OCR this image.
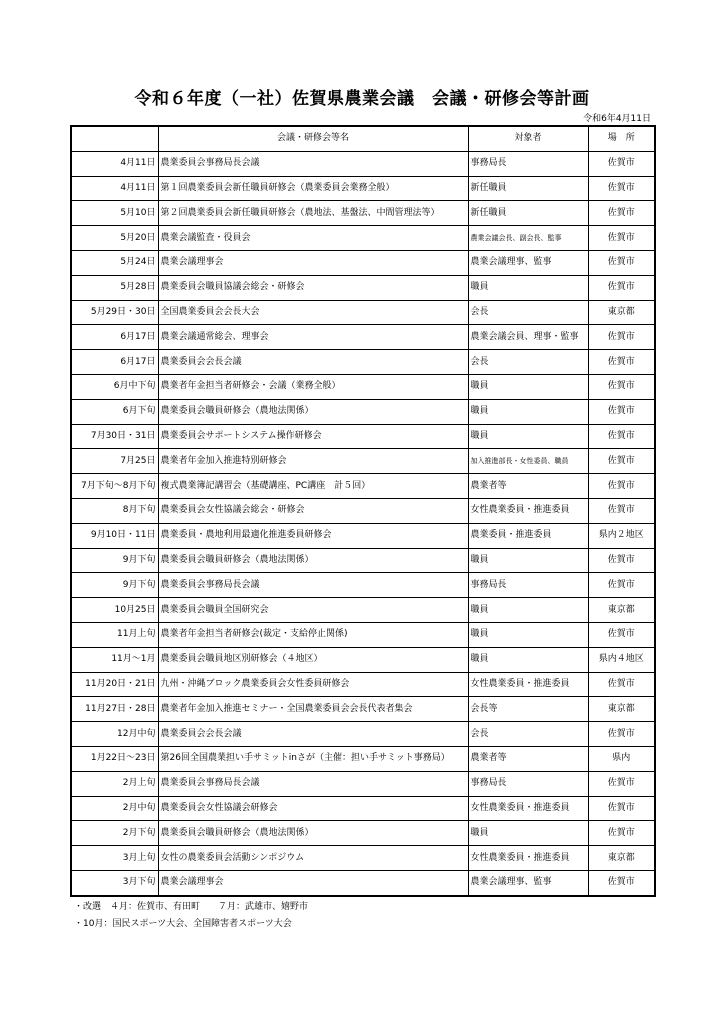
令和６年度（一社）佐賀県農業会議　会議・研修会等計画
令和6年4月11日
	会議・研修会等名	対象者	場　所
4月11日	農業委員会事務局長会議	事務局長	佐賀市
4月11日	第１回農業委員会新任職員研修会（農業委員会業務全般）	新任職員	佐賀市
5月10日	第２回農業委員会新任職員研修会（農地法、基盤法、中間管理法等）	新任職員	佐賀市
5月20日	農業会議監査・役員会	農業会議会長、副会長、監事	佐賀市
5月24日	農業会議理事会	農業会議理事、監事	佐賀市
5月28日	農業委員会職員協議会総会・研修会	職員	佐賀市
5月29日・30日	全国農業委員会会長大会	会長	東京都
6月17日	農業会議通常総会、理事会	農業会議会員、理事・監事	佐賀市
6月17日	農業委員会会長会議	会長	佐賀市
6月中下旬	農業者年金担当者研修会・会議（業務全般）	職員	佐賀市
6月下旬	農業委員会職員研修会（農地法関係）	職員	佐賀市
7月30日・31日	農業委員会サポートシステム操作研修会	職員	佐賀市
7月25日	農業者年金加入推進特別研修会	加入推進部長・女性委員、職員	佐賀市
7月下旬～8月下旬	複式農業簿記講習会（基礎講座、PC講座　計５回）	農業者等	佐賀市
8月下旬	農業委員会女性協議会総会・研修会	女性農業委員・推進委員	佐賀市
9月10日・11日	農業委員・農地利用最適化推進委員研修会	農業委員・推進委員	県内２地区
9月下旬	農業委員会職員研修会（農地法関係）	職員	佐賀市
9月下旬	農業委員会事務局長会議	事務局長	佐賀市
10月25日	農業委員会職員全国研究会	職員	東京都
11月上旬	農業者年金担当者研修会(裁定・支給停止関係)	職員	佐賀市
11月～1月	農業委員会職員地区別研修会（４地区）	職員	県内４地区
11月20日・21日	九州・沖縄ブロック農業委員会女性委員研修会	女性農業委員・推進委員	佐賀市
11月27日・28日	農業者年金加入推進セミナー・全国農業委員会会長代表者集会	会長等	東京都
12月中旬	農業委員会会長会議	会長	佐賀市
1月22日～23日	第26回全国農業担い手サミットinさが（主催：担い手サミット事務局）	農業者等	県内
2月上旬	農業委員会事務局長会議	事務局長	佐賀市
2月中旬	農業委員会女性協議会研修会	女性農業委員・推進委員	佐賀市
2月下旬	農業委員会職員研修会（農地法関係）	職員	佐賀市
3月上旬	女性の農業委員会活動シンポジウム	女性農業委員・推進委員	東京都
3月下旬	農業会議理事会	農業会議理事、監事	佐賀市
・改選　４月：佐賀市、有田町　　７月：武雄市、嬉野市
・10月：国民スポーツ大会、全国障害者スポーツ大会
